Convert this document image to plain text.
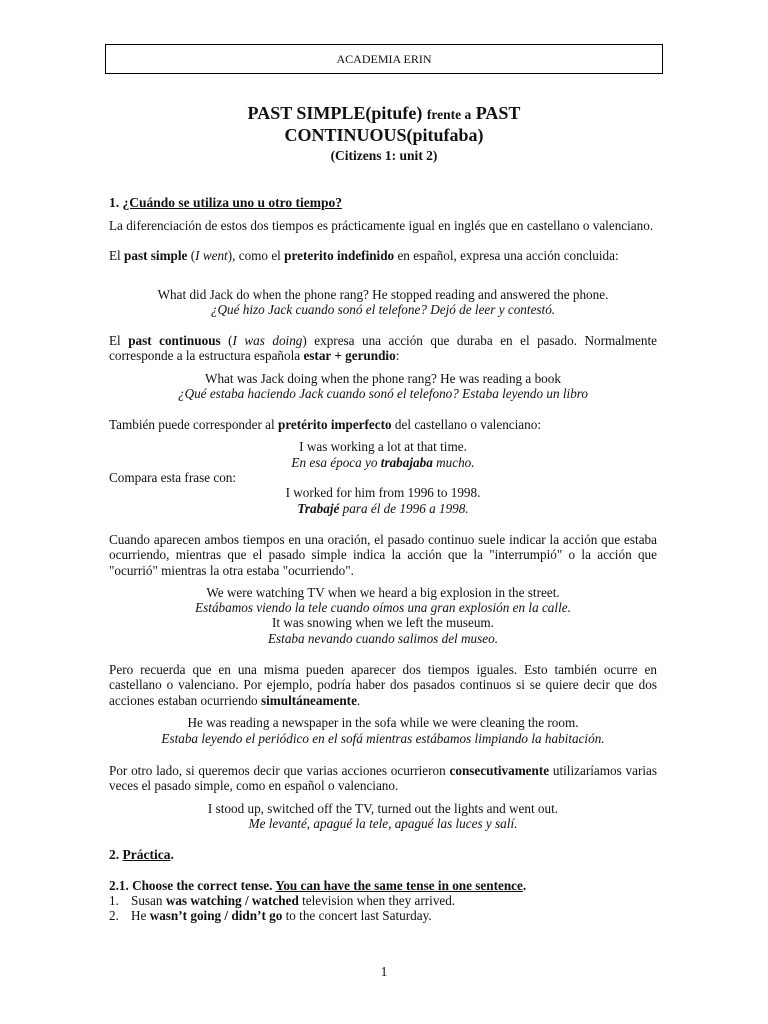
ACADEMIA ERIN
PAST SIMPLE(pitufe) frente a PAST
CONTINUOUS(pitufaba)
(Citizens 1: unit 2)
1. ¿Cuándo se utiliza uno u otro tiempo?
La diferenciación de estos dos tiempos es prácticamente igual en inglés que en castellano o valenciano.
El past simple (I went), como el preterito indefinido en español, expresa una acción concluida:
What did Jack do when the phone rang? He stopped reading and answered the phone.
¿Qué hizo Jack cuando sonó el telefone? Dejó de leer y contestó.
El past continuous (I was doing) expresa una acción que duraba en el pasado. Normalmente corresponde a la estructura española estar + gerundio:
What was Jack doing when the phone rang? He was reading a book
¿Qué estaba haciendo Jack cuando sonó el telefono? Estaba leyendo un libro
También puede corresponder al pretérito imperfecto del castellano o valenciano:
I was working a lot at that time.
En esa época yo trabajaba mucho.
Compara esta frase con:
I worked for him from 1996 to 1998.
Trabajé para él de 1996 a 1998.
Cuando aparecen ambos tiempos en una oración, el pasado continuo suele indicar la acción que estaba ocurriendo, mientras que el pasado simple indica la acción que la "interrumpió" o la acción que "ocurrió" mientras la otra estaba "ocurriendo".
We were watching TV when we heard a big explosion in the street.
Estábamos viendo la tele cuando oímos una gran explosión en la calle.
It was snowing when we left the museum.
Estaba nevando cuando salimos del museo.
Pero recuerda que en una misma pueden aparecer dos tiempos iguales. Esto también ocurre en castellano o valenciano. Por ejemplo, podría haber dos pasados continuos si se quiere decir que dos acciones estaban ocurriendo simultáneamente.
He was reading a newspaper in the sofa while we were cleaning the room.
Estaba leyendo el periódico en el sofá mientras estábamos limpiando la habitación.
Por otro lado, si queremos decir que varias acciones ocurrieron consecutivamente utilizaríamos varias veces el pasado simple, como en español o valenciano.
I stood up, switched off the TV, turned out the lights and went out.
Me levanté, apagué la tele, apagué las luces y salí.
2. Práctica.
2.1. Choose the correct tense. You can have the same tense in one sentence.
1. Susan was watching / watched television when they arrived.
2. He wasn’t going / didn’t go to the concert last Saturday.
1
